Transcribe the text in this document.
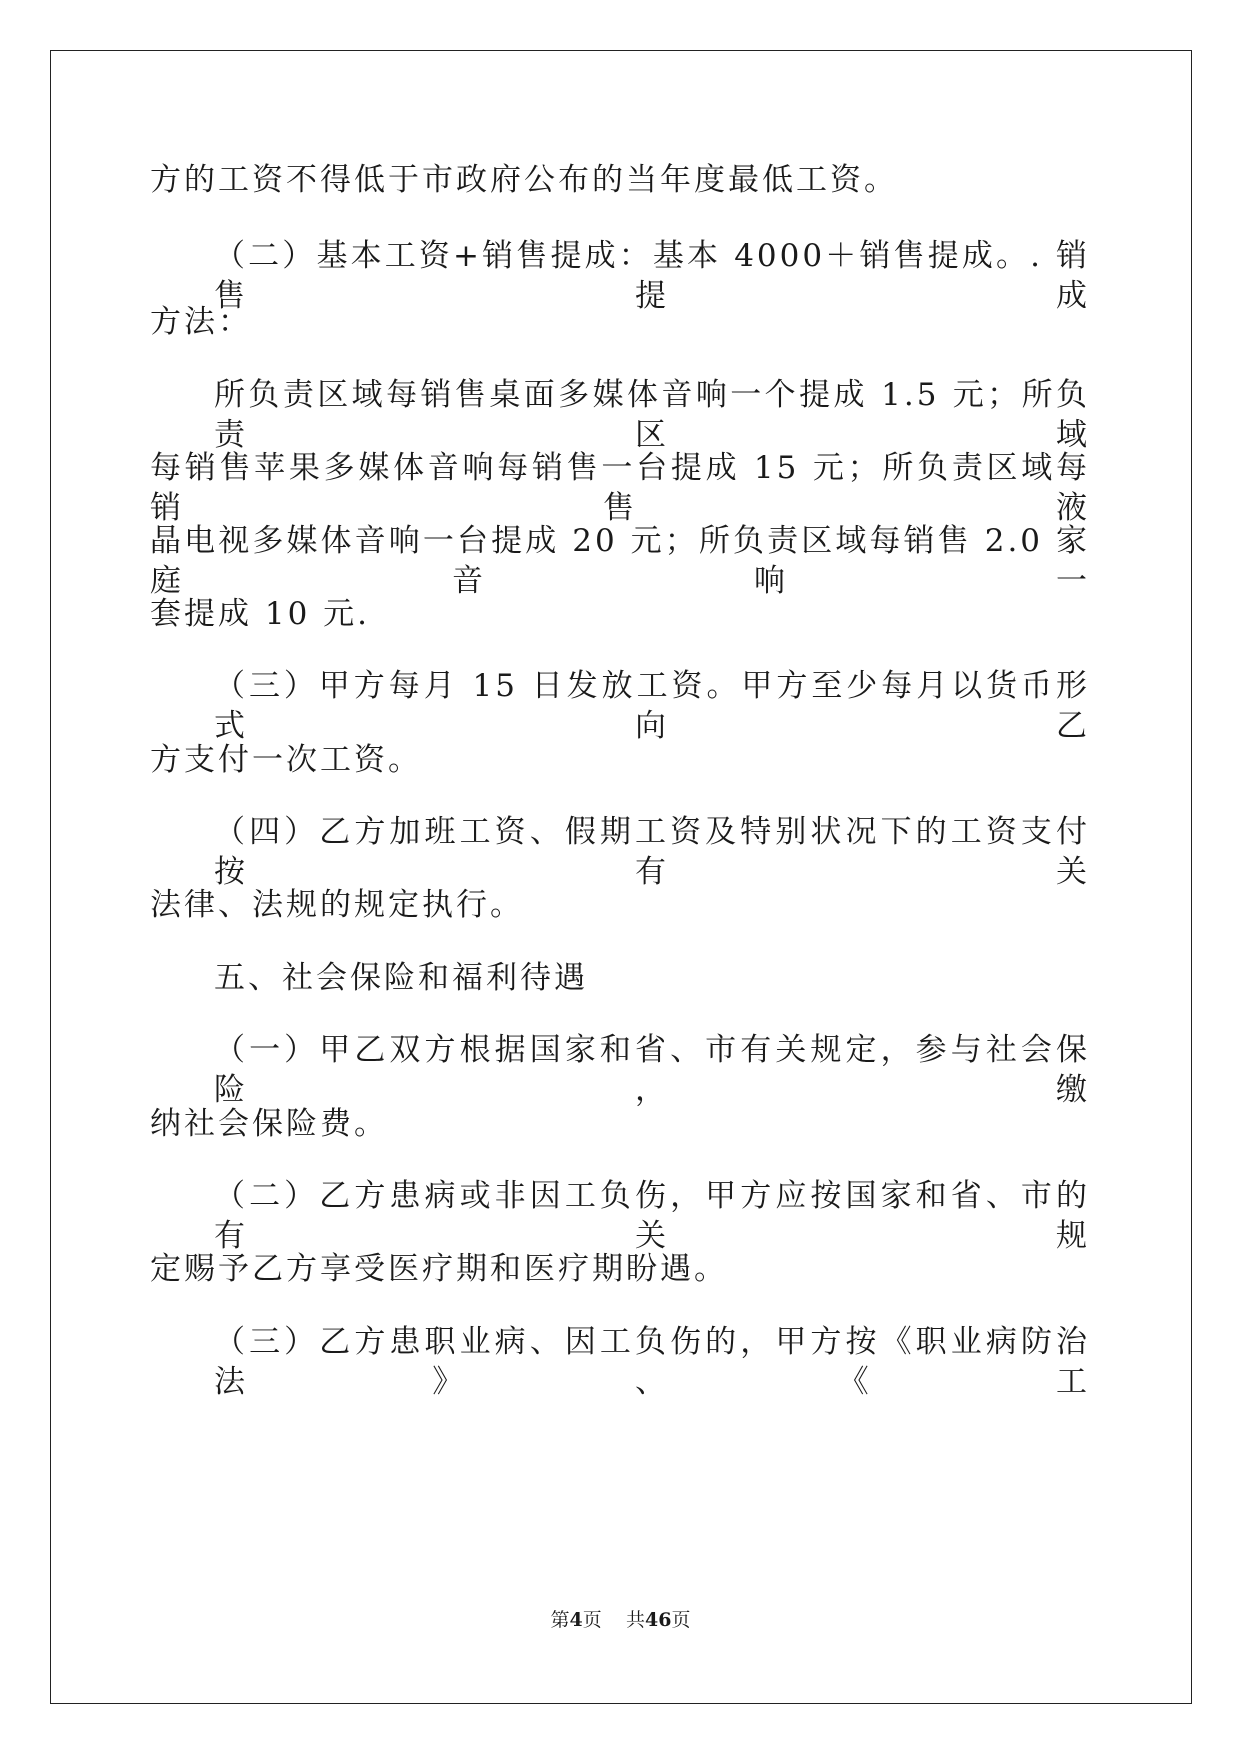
方的工资不得低于市政府公布的当年度最低工资。
（二）基本工资+销售提成：基本 4000＋销售提成。. 销售提成
方法：
所负责区域每销售桌面多媒体音响一个提成 1.5 元；所负责区域
每销售苹果多媒体音响每销售一台提成 15 元；所负责区域每销售液
晶电视多媒体音响一台提成 20 元；所负责区域每销售 2.0 家庭音响一
套提成 10 元.
（三）甲方每月 15 日发放工资。甲方至少每月以货币形式向乙
方支付一次工资。
（四）乙方加班工资、假期工资及特别状况下的工资支付按有关
法律、法规的规定执行。
五、社会保险和福利待遇
（一）甲乙双方根据国家和省、市有关规定，参与社会保险，缴
纳社会保险费。
（二）乙方患病或非因工负伤，甲方应按国家和省、市的有关规
定赐予乙方享受医疗期和医疗期盼遇。
（三）乙方患职业病、因工负伤的，甲方按《职业病防治法》、《工
第4页 共46页
